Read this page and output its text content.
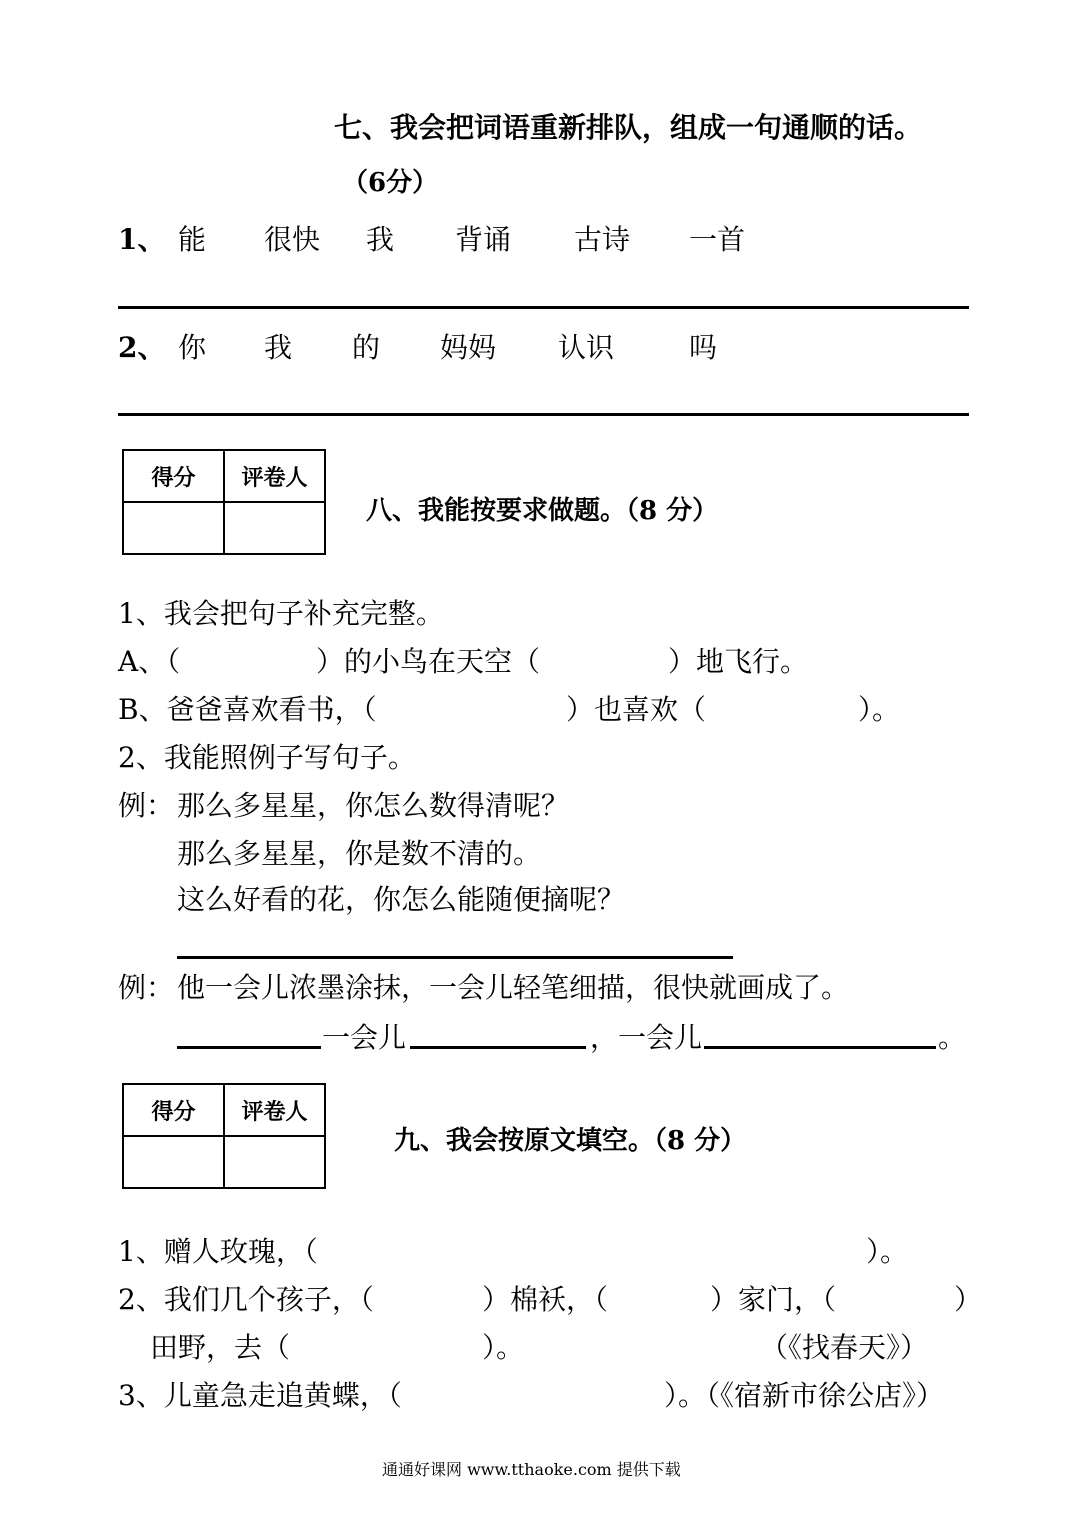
七、我会把词语重新排队，组成一句通顺的话。
（6分）
1、 能 很快 我 背诵 古诗 一首
2、 你 我 的 妈妈 认识	吗
得分	评卷人

八、我能按要求做题。（8 分）
1、我会把句子补充完整。
A、（	）的小鸟在天空（	）地飞行。
B、爸爸喜欢看书，（	）也喜欢（	）。
2、我能照例子写句子。
例： 那么多星星，你怎么数得清呢？
那么多星星，你是数不清的。
这么好看的花，你怎么能随便摘呢？
例： 他一会儿浓墨涂抹，一会儿轻笔细描，很快就画成了。
一会儿	，一会儿	。
得分	评卷人

九、我会按原文填空。（8 分）
1、赠人玫瑰，（	）。
2、我们几个孩子，（	）棉袄，（	）家门，（	）
田野，去（	）。	（《找春天》）
3、儿童急走追黄蝶，（	）。（《宿新市徐公店》）
通通好课网 www.tthaoke.com 提供下载
